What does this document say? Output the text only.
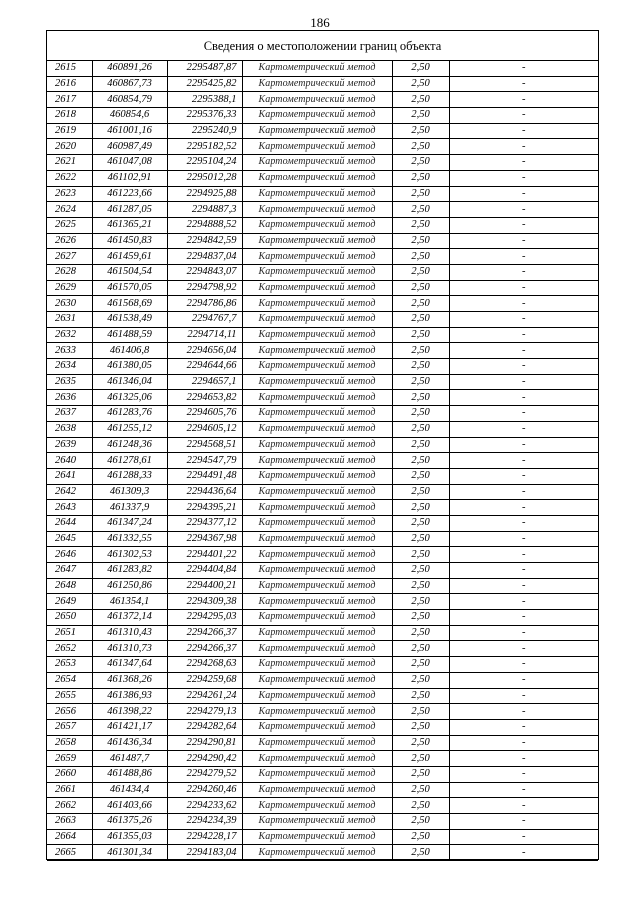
186
Сведения о местоположении границ объекта
2615	460891,26	2295487,87	Картометрический метод	2,50	-
2616	460867,73	2295425,82	Картометрический метод	2,50	-
2617	460854,79	2295388,1	Картометрический метод	2,50	-
2618	460854,6	2295376,33	Картометрический метод	2,50	-
2619	461001,16	2295240,9	Картометрический метод	2,50	-
2620	460987,49	2295182,52	Картометрический метод	2,50	-
2621	461047,08	2295104,24	Картометрический метод	2,50	-
2622	461102,91	2295012,28	Картометрический метод	2,50	-
2623	461223,66	2294925,88	Картометрический метод	2,50	-
2624	461287,05	2294887,3	Картометрический метод	2,50	-
2625	461365,21	2294888,52	Картометрический метод	2,50	-
2626	461450,83	2294842,59	Картометрический метод	2,50	-
2627	461459,61	2294837,04	Картометрический метод	2,50	-
2628	461504,54	2294843,07	Картометрический метод	2,50	-
2629	461570,05	2294798,92	Картометрический метод	2,50	-
2630	461568,69	2294786,86	Картометрический метод	2,50	-
2631	461538,49	2294767,7	Картометрический метод	2,50	-
2632	461488,59	2294714,11	Картометрический метод	2,50	-
2633	461406,8	2294656,04	Картометрический метод	2,50	-
2634	461380,05	2294644,66	Картометрический метод	2,50	-
2635	461346,04	2294657,1	Картометрический метод	2,50	-
2636	461325,06	2294653,82	Картометрический метод	2,50	-
2637	461283,76	2294605,76	Картометрический метод	2,50	-
2638	461255,12	2294605,12	Картометрический метод	2,50	-
2639	461248,36	2294568,51	Картометрический метод	2,50	-
2640	461278,61	2294547,79	Картометрический метод	2,50	-
2641	461288,33	2294491,48	Картометрический метод	2,50	-
2642	461309,3	2294436,64	Картометрический метод	2,50	-
2643	461337,9	2294395,21	Картометрический метод	2,50	-
2644	461347,24	2294377,12	Картометрический метод	2,50	-
2645	461332,55	2294367,98	Картометрический метод	2,50	-
2646	461302,53	2294401,22	Картометрический метод	2,50	-
2647	461283,82	2294404,84	Картометрический метод	2,50	-
2648	461250,86	2294400,21	Картометрический метод	2,50	-
2649	461354,1	2294309,38	Картометрический метод	2,50	-
2650	461372,14	2294295,03	Картометрический метод	2,50	-
2651	461310,43	2294266,37	Картометрический метод	2,50	-
2652	461310,73	2294266,37	Картометрический метод	2,50	-
2653	461347,64	2294268,63	Картометрический метод	2,50	-
2654	461368,26	2294259,68	Картометрический метод	2,50	-
2655	461386,93	2294261,24	Картометрический метод	2,50	-
2656	461398,22	2294279,13	Картометрический метод	2,50	-
2657	461421,17	2294282,64	Картометрический метод	2,50	-
2658	461436,34	2294290,81	Картометрический метод	2,50	-
2659	461487,7	2294290,42	Картометрический метод	2,50	-
2660	461488,86	2294279,52	Картометрический метод	2,50	-
2661	461434,4	2294260,46	Картометрический метод	2,50	-
2662	461403,66	2294233,62	Картометрический метод	2,50	-
2663	461375,26	2294234,39	Картометрический метод	2,50	-
2664	461355,03	2294228,17	Картометрический метод	2,50	-
2665	461301,34	2294183,04	Картометрический метод	2,50	-
